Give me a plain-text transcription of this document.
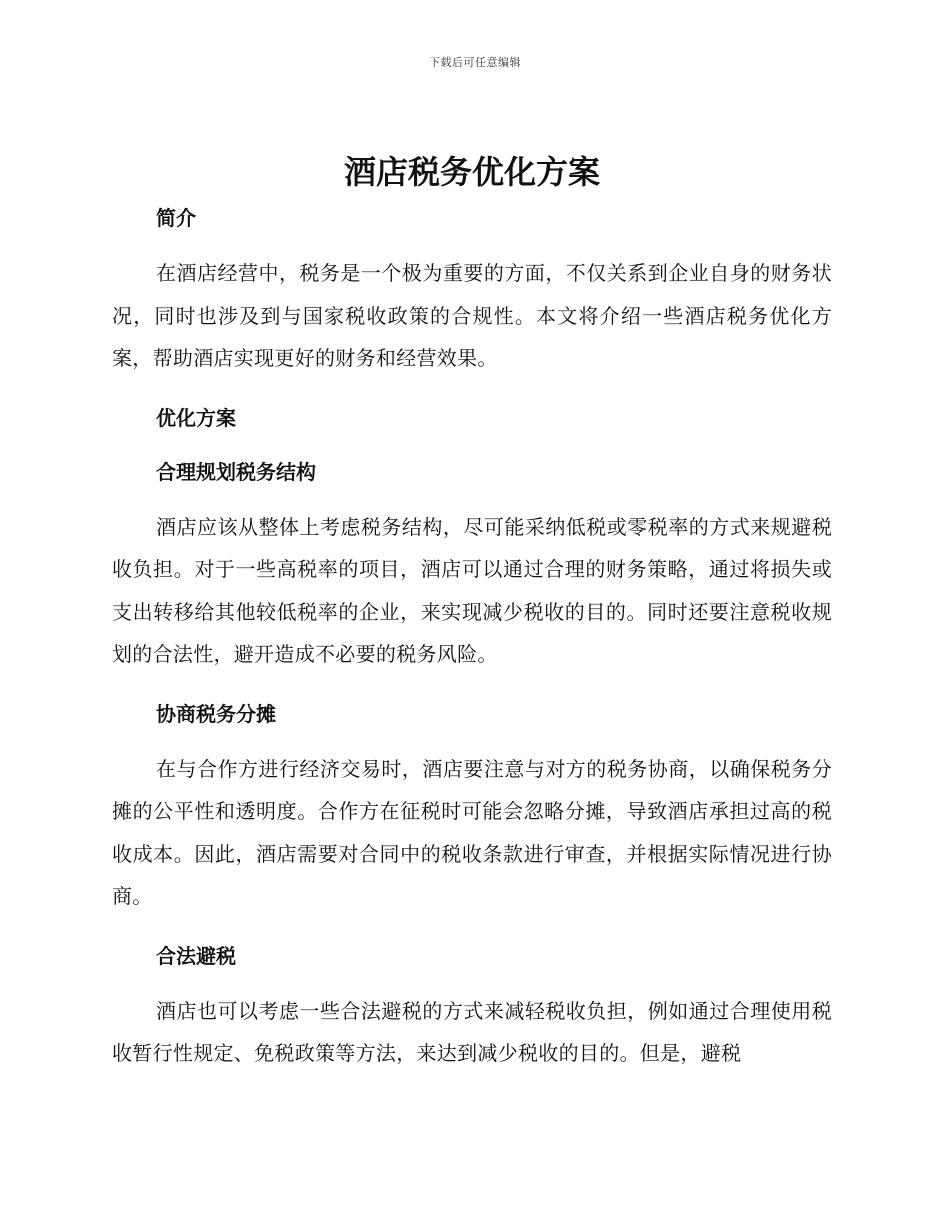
下载后可任意编辑
酒店税务优化方案
简介

在酒店经营中，税务是一个极为重要的方面，不仅关系到企业自身的财务状况，同时也涉及到与国家税收政策的合规性。本文将介绍一些酒店税务优化方案，帮助酒店实现更好的财务和经营效果。

优化方案
合理规划税务结构

酒店应该从整体上考虑税务结构，尽可能采纳低税或零税率的方式来规避税收负担。对于一些高税率的项目，酒店可以通过合理的财务策略，通过将损失或支出转移给其他较低税率的企业，来实现减少税收的目的。同时还要注意税收规划的合法性，避开造成不必要的税务风险。

协商税务分摊

在与合作方进行经济交易时，酒店要注意与对方的税务协商，以确保税务分摊的公平性和透明度。合作方在征税时可能会忽略分摊，导致酒店承担过高的税收成本。因此，酒店需要对合同中的税收条款进行审查，并根据实际情况进行协商。

合法避税

酒店也可以考虑一些合法避税的方式来减轻税收负担，例如通过合理使用税收暂行性规定、免税政策等方法，来达到减少税收的目的。但是，避税
